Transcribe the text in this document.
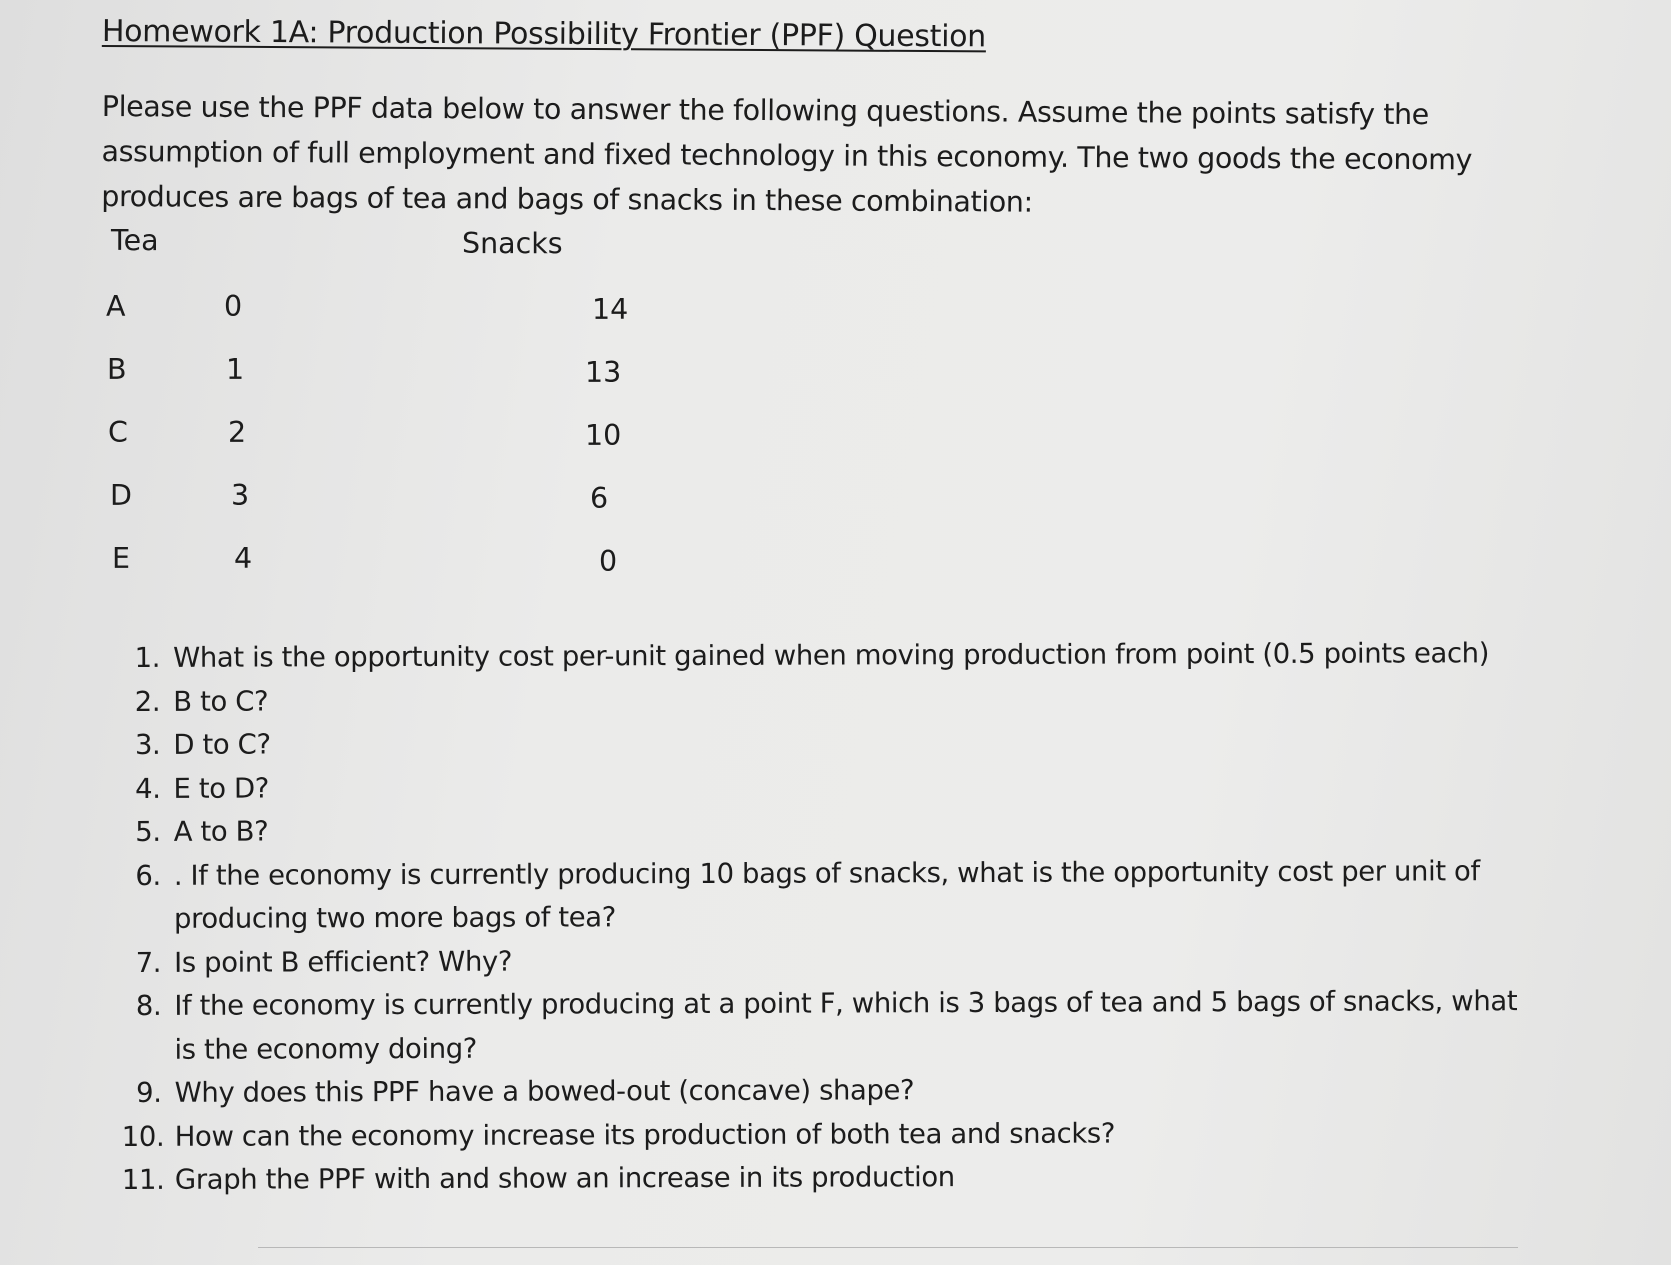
Homework 1A: Production Possibility Frontier (PPF) Question

Please use the PPF data below to answer the following questions. Assume the points satisfy the assumption of full employment and fixed technology in this economy. The two goods the economy produces are bags of tea and bags of snacks in these combination:

Tea	Snacks
A	0	14
B	1	13
C	2	10
D	3	6
E	4	0
1. What is the opportunity cost per-unit gained when moving production from point (0.5 points each)
2. B to C?
3. D to C?
4. E to D?
5. A to B?
6. . If the economy is currently producing 10 bags of snacks, what is the opportunity cost per unit of producing two more bags of tea?
7. Is point B efficient? Why?
8. If the economy is currently producing at a point F, which is 3 bags of tea and 5 bags of snacks, what is the economy doing?
9. Why does this PPF have a bowed-out (concave) shape?
10. How can the economy increase its production of both tea and snacks?
11. Graph the PPF with and show an increase in its production
